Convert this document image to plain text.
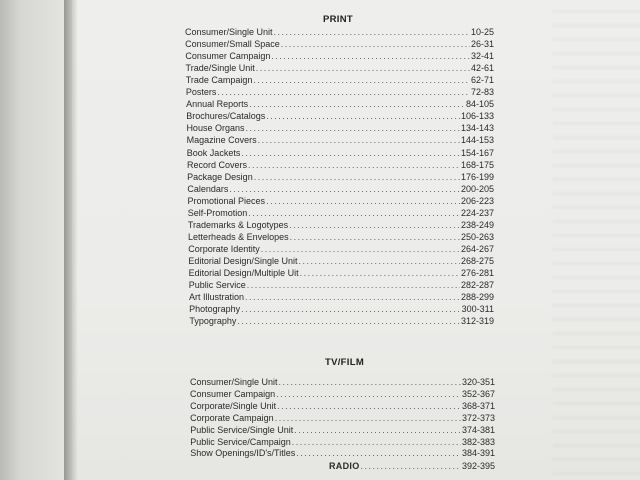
PRINT
Consumer/Single Unit . . .	10-25
Consumer/Small Space . . .	26-31
Consumer Campaign . . .	32-41
Trade/Single Unit . . .	42-61
Trade Campaign . . .	62-71
Posters . . .	72-83
Annual Reports . . .	84-105
Brochures/Catalogs . . .	106-133
House Organs . . .	134-143
Magazine Covers . . .	144-153
Book Jackets . . .	154-167
Record Covers . . .	168-175
Package Design . . .	176-199
Calendars . . .	200-205
Promotional Pieces . . .	206-223
Self-Promotion . . .	224-237
Trademarks & Logotypes . . .	238-249
Letterheads & Envelopes . . .	250-263
Corporate Identity . . .	264-267
Editorial Design/Single Unit . . .	268-275
Editorial Design/Multiple Uit . . .	276-281
Public Service . . .	282-287
Art Illustration . . .	288-299
Photography . . .	300-311
Typography . . .	312-319
TV/FILM
Consumer/Single Unit . . .	320-351
Consumer Campaign . . .	352-367
Corporate/Single Unit . . .	368-371
Corporate Campaign . . .	372-373
Public Service/Single Unit . . .	374-381
Public Service/Campaign . . .	382-383
Show Openings/ID's/Titles . . .	384-391
RADIO . . .	392-395
